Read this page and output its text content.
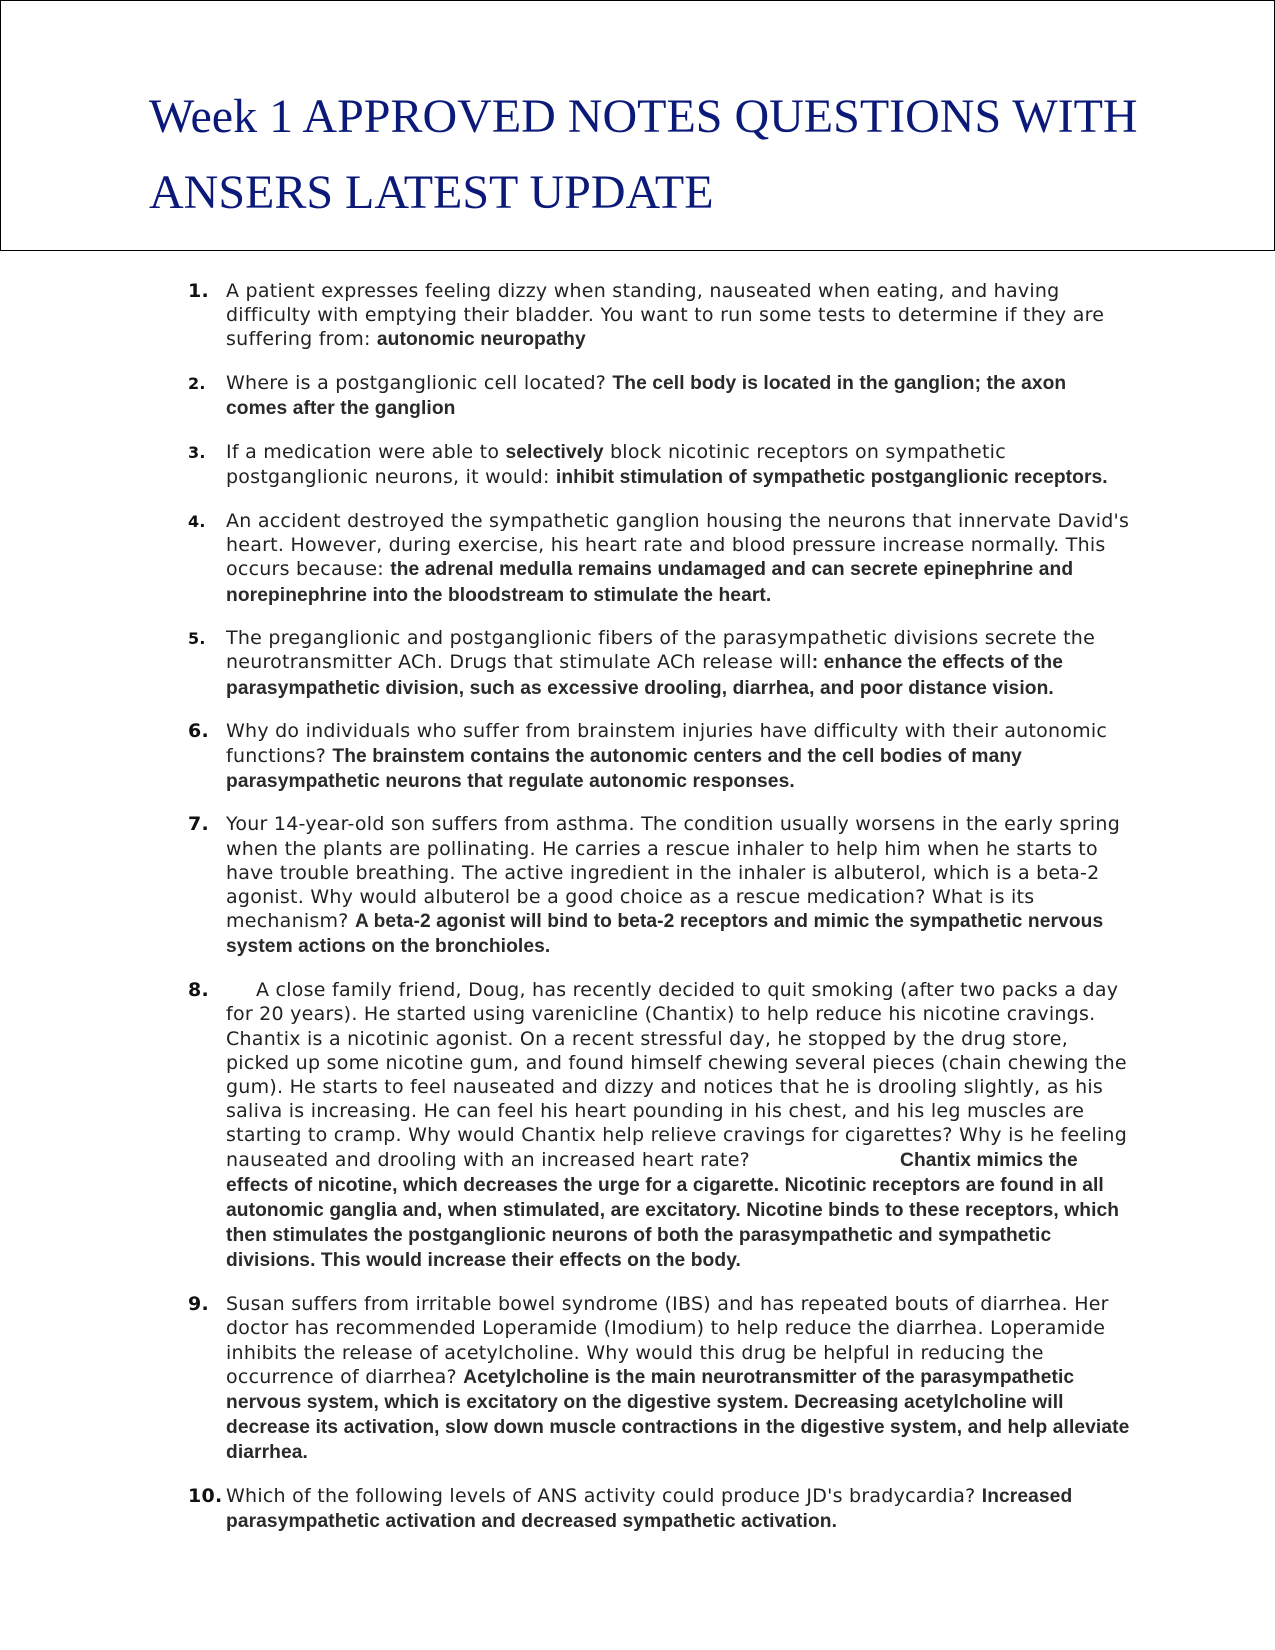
Week 1 APPROVED NOTES QUESTIONS WITH
ANSERS LATEST UPDATE
1. A patient expresses feeling dizzy when standing, nauseated when eating, and having difficulty with emptying their bladder. You want to run some tests to determine if they are suffering from: autonomic neuropathy
2. Where is a postganglionic cell located? The cell body is located in the ganglion; the axon comes after the ganglion
3. If a medication were able to selectively block nicotinic receptors on sympathetic postganglionic neurons, it would: inhibit stimulation of sympathetic postganglionic receptors.
4. An accident destroyed the sympathetic ganglion housing the neurons that innervate David's heart. However, during exercise, his heart rate and blood pressure increase normally. This occurs because: the adrenal medulla remains undamaged and can secrete epinephrine and norepinephrine into the bloodstream to stimulate the heart.
5. The preganglionic and postganglionic fibers of the parasympathetic divisions secrete the neurotransmitter ACh. Drugs that stimulate ACh release will: enhance the effects of the parasympathetic division, such as excessive drooling, diarrhea, and poor distance vision.
6. Why do individuals who suffer from brainstem injuries have difficulty with their autonomic functions? The brainstem contains the autonomic centers and the cell bodies of many parasympathetic neurons that regulate autonomic responses.
7. Your 14-year-old son suffers from asthma. The condition usually worsens in the early spring when the plants are pollinating. He carries a rescue inhaler to help him when he starts to have trouble breathing. The active ingredient in the inhaler is albuterol, which is a beta-2 agonist. Why would albuterol be a good choice as a rescue medication? What is its mechanism? A beta-2 agonist will bind to beta-2 receptors and mimic the sympathetic nervous system actions on the bronchioles.
8. A close family friend, Doug, has recently decided to quit smoking (after two packs a day for 20 years). He started using varenicline (Chantix) to help reduce his nicotine cravings. Chantix is a nicotinic agonist. On a recent stressful day, he stopped by the drug store, picked up some nicotine gum, and found himself chewing several pieces (chain chewing the gum). He starts to feel nauseated and dizzy and notices that he is drooling slightly, as his saliva is increasing. He can feel his heart pounding in his chest, and his leg muscles are starting to cramp. Why would Chantix help relieve cravings for cigarettes? Why is he feeling nauseated and drooling with an increased heart rate?	Chantix mimics the effects of nicotine, which decreases the urge for a cigarette. Nicotinic receptors are found in all autonomic ganglia and, when stimulated, are excitatory. Nicotine binds to these receptors, which then stimulates the postganglionic neurons of both the parasympathetic and sympathetic divisions. This would increase their effects on the body.
9. Susan suffers from irritable bowel syndrome (IBS) and has repeated bouts of diarrhea. Her doctor has recommended Loperamide (Imodium) to help reduce the diarrhea. Loperamide inhibits the release of acetylcholine. Why would this drug be helpful in reducing the occurrence of diarrhea? Acetylcholine is the main neurotransmitter of the parasympathetic nervous system, which is excitatory on the digestive system. Decreasing acetylcholine will decrease its activation, slow down muscle contractions in the digestive system, and help alleviate diarrhea.
10. Which of the following levels of ANS activity could produce JD's bradycardia? Increased parasympathetic activation and decreased sympathetic activation.
